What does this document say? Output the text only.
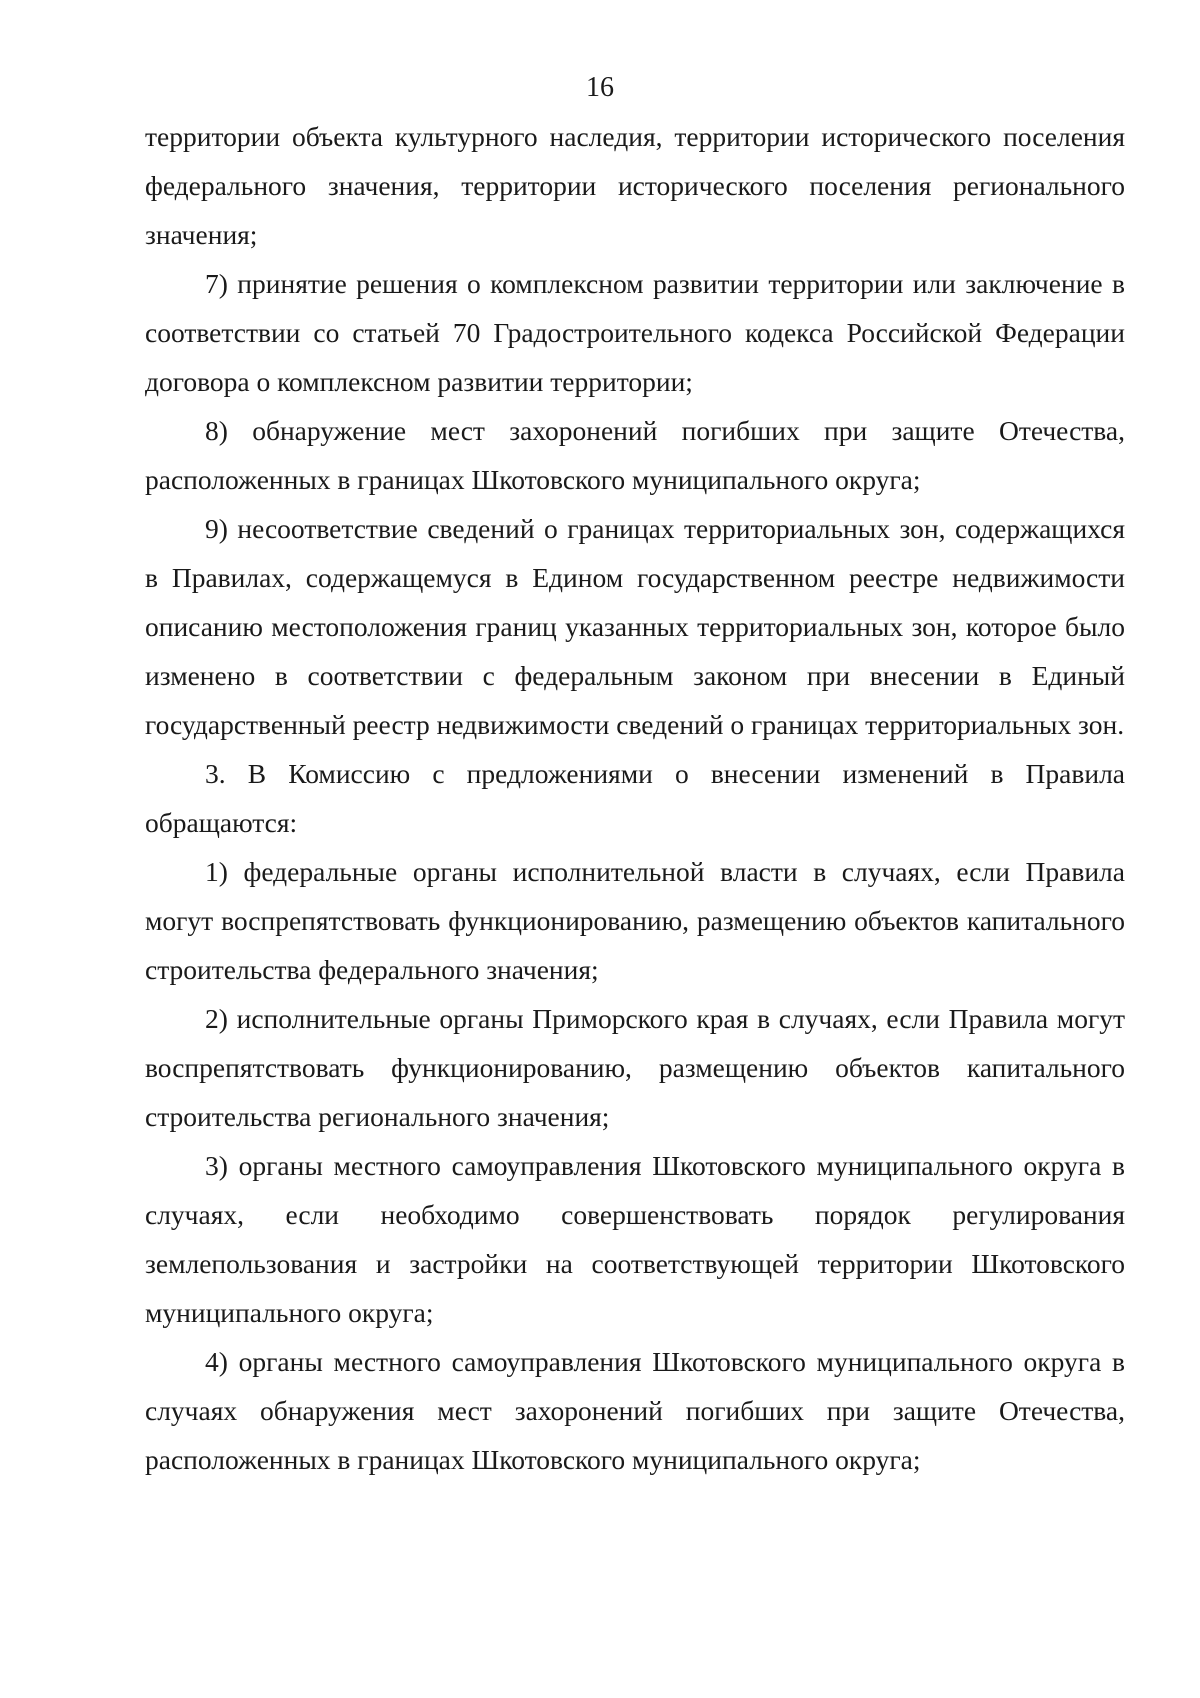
16

территории объекта культурного наследия, территории исторического поселения федерального значения, территории исторического поселения регионального значения;

7) принятие решения о комплексном развитии территории или заключение в соответствии со статьей 70 Градостроительного кодекса Российской Федерации договора о комплексном развитии территории;

8) обнаружение мест захоронений погибших при защите Отечества, расположенных в границах Шкотовского муниципального округа;

9) несоответствие сведений о границах территориальных зон, содержащихся в Правилах, содержащемуся в Едином государственном реестре недвижимости описанию местоположения границ указанных территориальных зон, которое было изменено в соответствии с федеральным законом при внесении в Единый государственный реестр недвижимости сведений о границах территориальных зон.

3. В Комиссию с предложениями о внесении изменений в Правила обращаются:

1) федеральные органы исполнительной власти в случаях, если Правила могут воспрепятствовать функционированию, размещению объектов капитального строительства федерального значения;

2) исполнительные органы Приморского края в случаях, если Правила могут воспрепятствовать функционированию, размещению объектов капитального строительства регионального значения;

3) органы местного самоуправления Шкотовского муниципального округа в случаях, если необходимо совершенствовать порядок регулирования землепользования и застройки на соответствующей территории Шкотовского муниципального округа;

4) органы местного самоуправления Шкотовского муниципального округа в случаях обнаружения мест захоронений погибших при защите Отечества, расположенных в границах Шкотовского муниципального округа;
